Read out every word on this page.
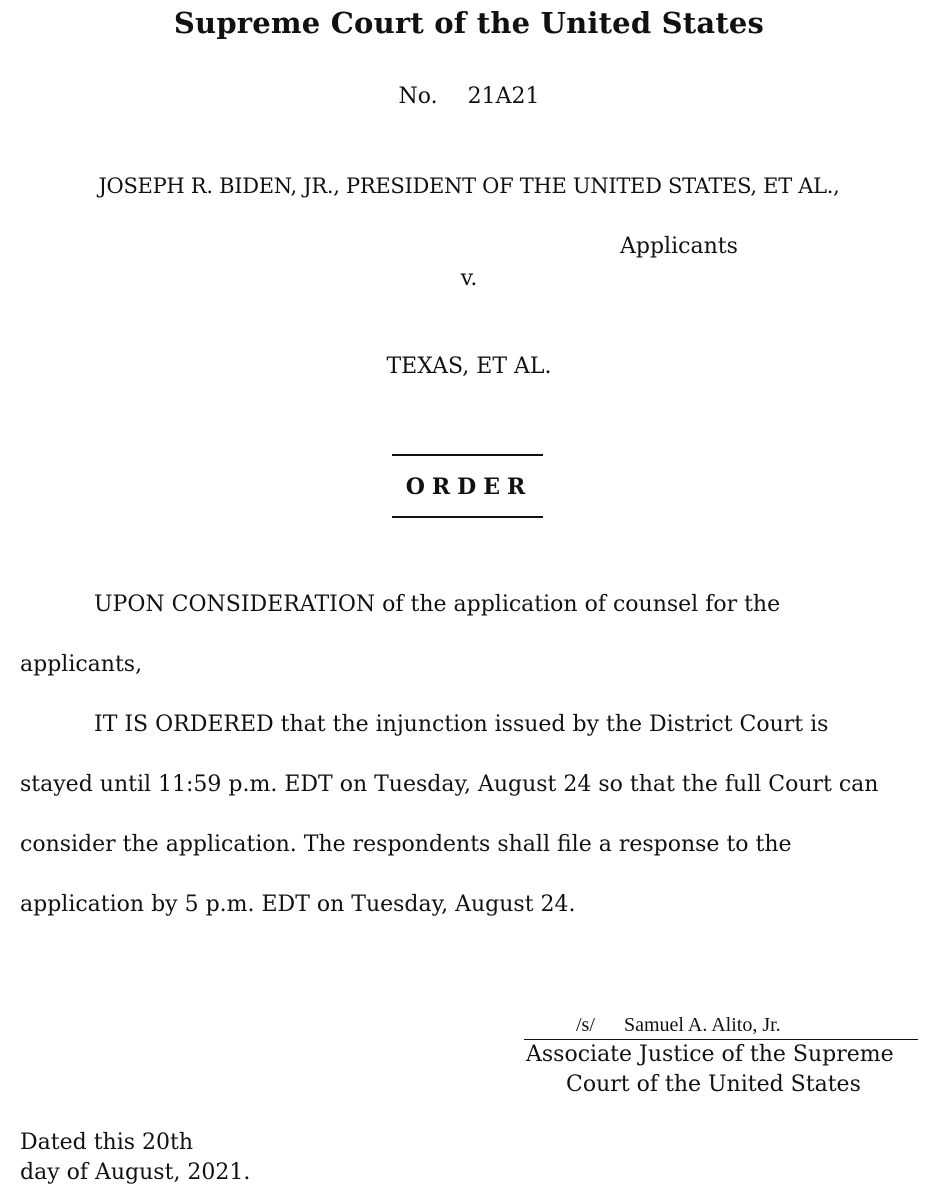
Supreme Court of the United States
No. 21A21
JOSEPH R. BIDEN, JR., PRESIDENT OF THE UNITED STATES, ET AL.,
Applicants
v.
TEXAS, ET AL.
ORDER
UPON CONSIDERATION of the application of counsel for the
applicants,
IT IS ORDERED that the injunction issued by the District Court is
stayed until 11:59 p.m. EDT on Tuesday, August 24 so that the full Court can
consider the application. The respondents shall file a response to the
application by 5 p.m. EDT on Tuesday, August 24.
/s/ Samuel A. Alito, Jr.
Associate Justice of the Supreme
Court of the United States
Dated this 20th
day of August, 2021.
